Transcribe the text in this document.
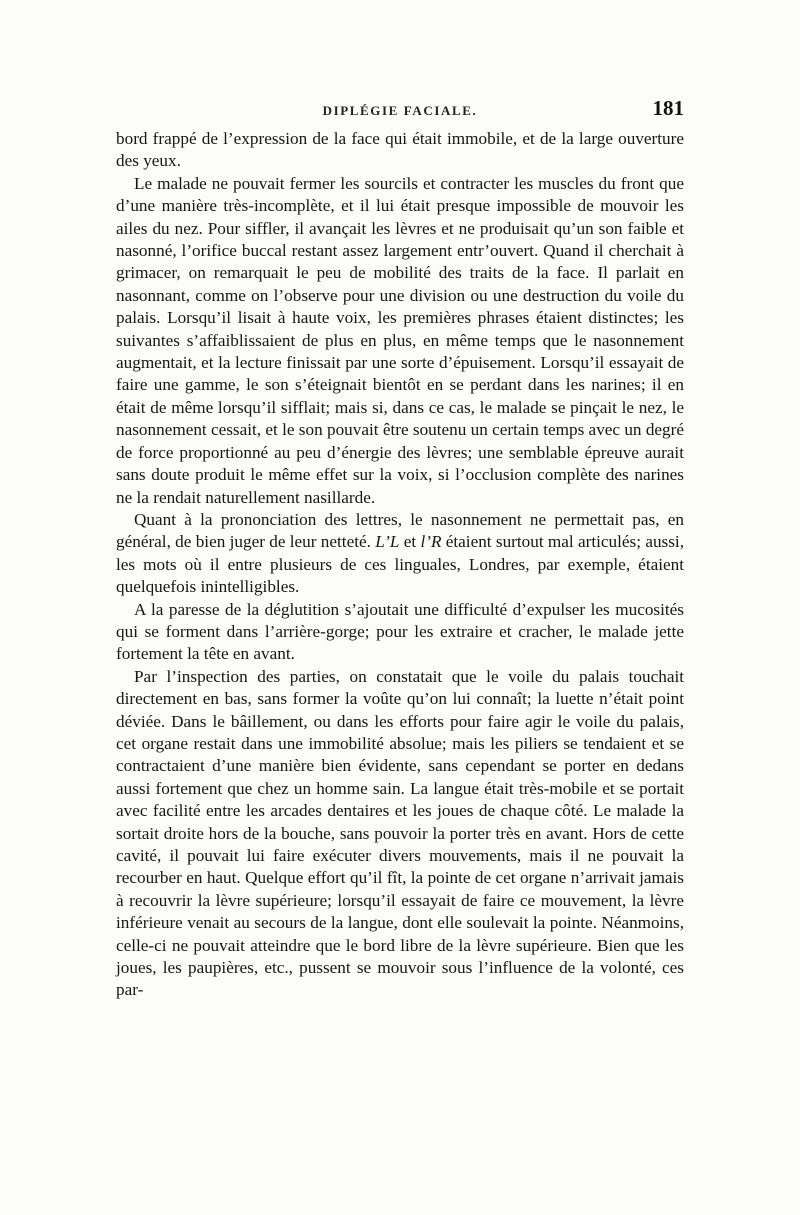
DIPLÉGIE FACIALE.	181

bord frappé de l’expression de la face qui était immobile, et de la large ouverture des yeux.

Le malade ne pouvait fermer les sourcils et contracter les muscles du front que d’une manière très-incomplète, et il lui était presque impossible de mouvoir les ailes du nez. Pour siffler, il avançait les lèvres et ne produisait qu’un son faible et nasonné, l’orifice buccal restant assez largement entr’ouvert. Quand il cherchait à grimacer, on remarquait le peu de mobilité des traits de la face. Il parlait en nasonnant, comme on l’observe pour une division ou une destruction du voile du palais. Lorsqu’il lisait à haute voix, les premières phrases étaient distinctes; les suivantes s’affaiblissaient de plus en plus, en même temps que le nasonnement augmentait, et la lecture finissait par une sorte d’épuisement. Lorsqu’il essayait de faire une gamme, le son s’éteignait bientôt en se perdant dans les narines; il en était de même lorsqu’il sifflait; mais si, dans ce cas, le malade se pinçait le nez, le nasonnement cessait, et le son pouvait être soutenu un certain temps avec un degré de force proportionné au peu d’énergie des lèvres; une semblable épreuve aurait sans doute produit le même effet sur la voix, si l’occlusion complète des narines ne la rendait naturellement nasillarde.

Quant à la prononciation des lettres, le nasonnement ne permettait pas, en général, de bien juger de leur netteté. L’L et l’R étaient surtout mal articulés; aussi, les mots où il entre plusieurs de ces linguales, Londres, par exemple, étaient quelquefois inintelligibles.

A la paresse de la déglutition s’ajoutait une difficulté d’expulser les mucosités qui se forment dans l’arrière-gorge; pour les extraire et cracher, le malade jette fortement la tête en avant.

Par l’inspection des parties, on constatait que le voile du palais touchait directement en bas, sans former la voûte qu’on lui connaît; la luette n’était point déviée. Dans le bâillement, ou dans les efforts pour faire agir le voile du palais, cet organe restait dans une immobilité absolue; mais les piliers se tendaient et se contractaient d’une manière bien évidente, sans cependant se porter en dedans aussi fortement que chez un homme sain. La langue était très-mobile et se portait avec facilité entre les arcades dentaires et les joues de chaque côté. Le malade la sortait droite hors de la bouche, sans pouvoir la porter très en avant. Hors de cette cavité, il pouvait lui faire exécuter divers mouvements, mais il ne pouvait la recourber en haut. Quelque effort qu’il fît, la pointe de cet organe n’arrivait jamais à recouvrir la lèvre supérieure; lorsqu’il essayait de faire ce mouvement, la lèvre inférieure venait au secours de la langue, dont elle soulevait la pointe. Néanmoins, celle-ci ne pouvait atteindre que le bord libre de la lèvre supérieure. Bien que les joues, les paupières, etc., pussent se mouvoir sous l’influence de la volonté, ces par-
